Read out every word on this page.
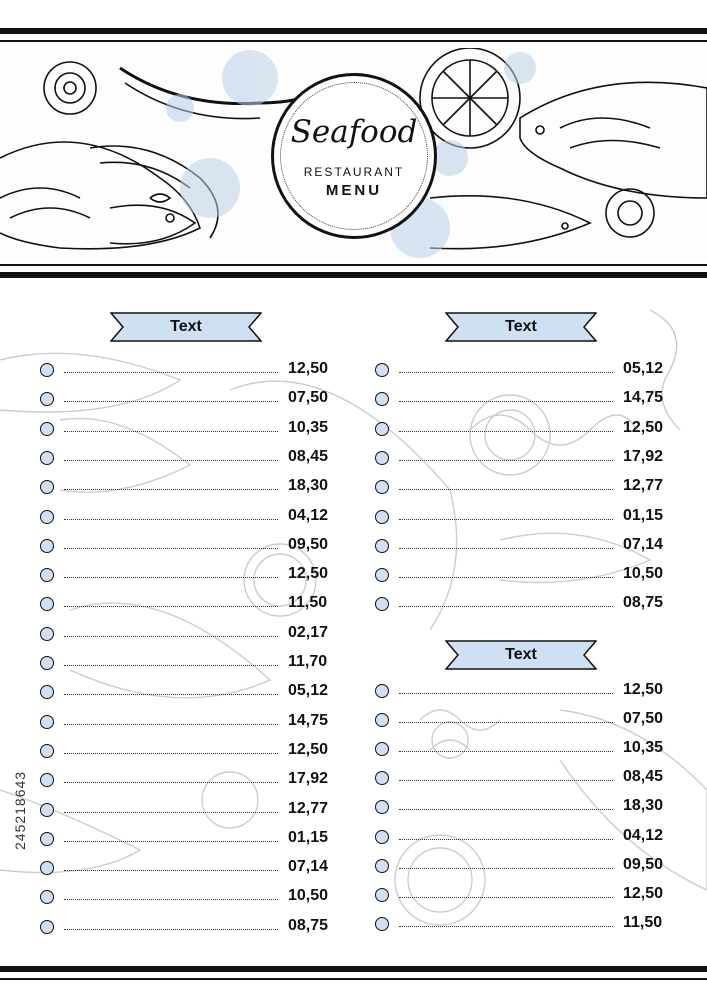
Seafood
RESTAURANT
MENU
Text	Text
Text
12,50
07,50
10,35
08,45
18,30
04,12
09,50
12,50
11,50
02,17
11,70
05,12
14,75
12,50
17,92
12,77
01,15
07,14
10,50
08,75
05,12
14,75
12,50
17,92
12,77
01,15
07,14
10,50
08,75
12,50
07,50
10,35
08,45
18,30
04,12
09,50
12,50
11,50
245218643
